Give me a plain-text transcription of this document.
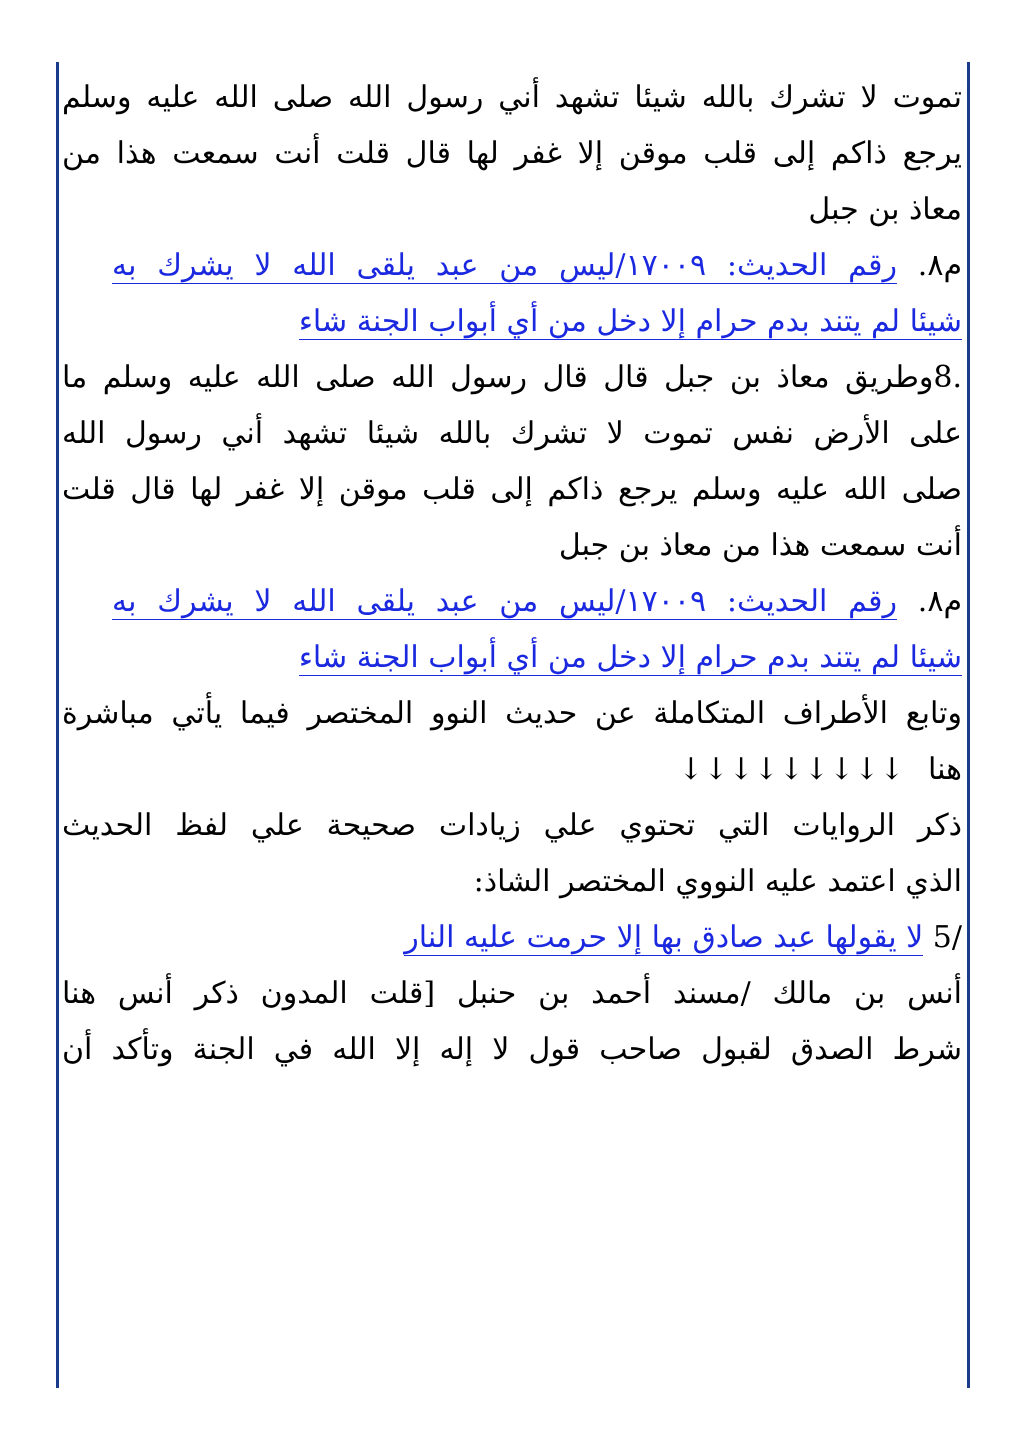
تموت لا تشرك بالله شيئا تشهد أني رسول الله صلى الله عليه وسلم
يرجع ذاكم إلى قلب موقن إلا غفر لها قال قلت أنت سمعت هذا من
معاذ بن جبل
م٨. رقم الحديث: ١٧٠٠٩/ليس من عبد يلقى الله لا يشرك به
شيئا لم يتند بدم حرام إلا دخل من أي أبواب الجنة شاء
.8وطريق معاذ بن جبل قال قال رسول الله صلى الله عليه وسلم ما
على الأرض نفس تموت لا تشرك بالله شيئا تشهد أني رسول الله
صلى الله عليه وسلم يرجع ذاكم إلى قلب موقن إلا غفر لها قال قلت
أنت سمعت هذا من معاذ بن جبل
م٨. رقم الحديث: ١٧٠٠٩/ليس من عبد يلقى الله لا يشرك به
شيئا لم يتند بدم حرام إلا دخل من أي أبواب الجنة شاء
وتابع الأطراف المتكاملة عن حديث النوو المختصر فيما يأتي مباشرة
هنا ↓↓↓↓↓↓↓↓↓
ذكر الروايات التي تحتوي علي زيادات صحيحة علي لفظ الحديث
الذي اعتمد عليه النووي المختصر الشاذ:
/5 لا يقولها عبد صادق بها إلا حرمت عليه النار
أنس بن مالك /مسند أحمد بن حنبل [قلت المدون ذكر أنس هنا
شرط الصدق لقبول صاحب قول لا إله إلا الله في الجنة وتأكد أن
